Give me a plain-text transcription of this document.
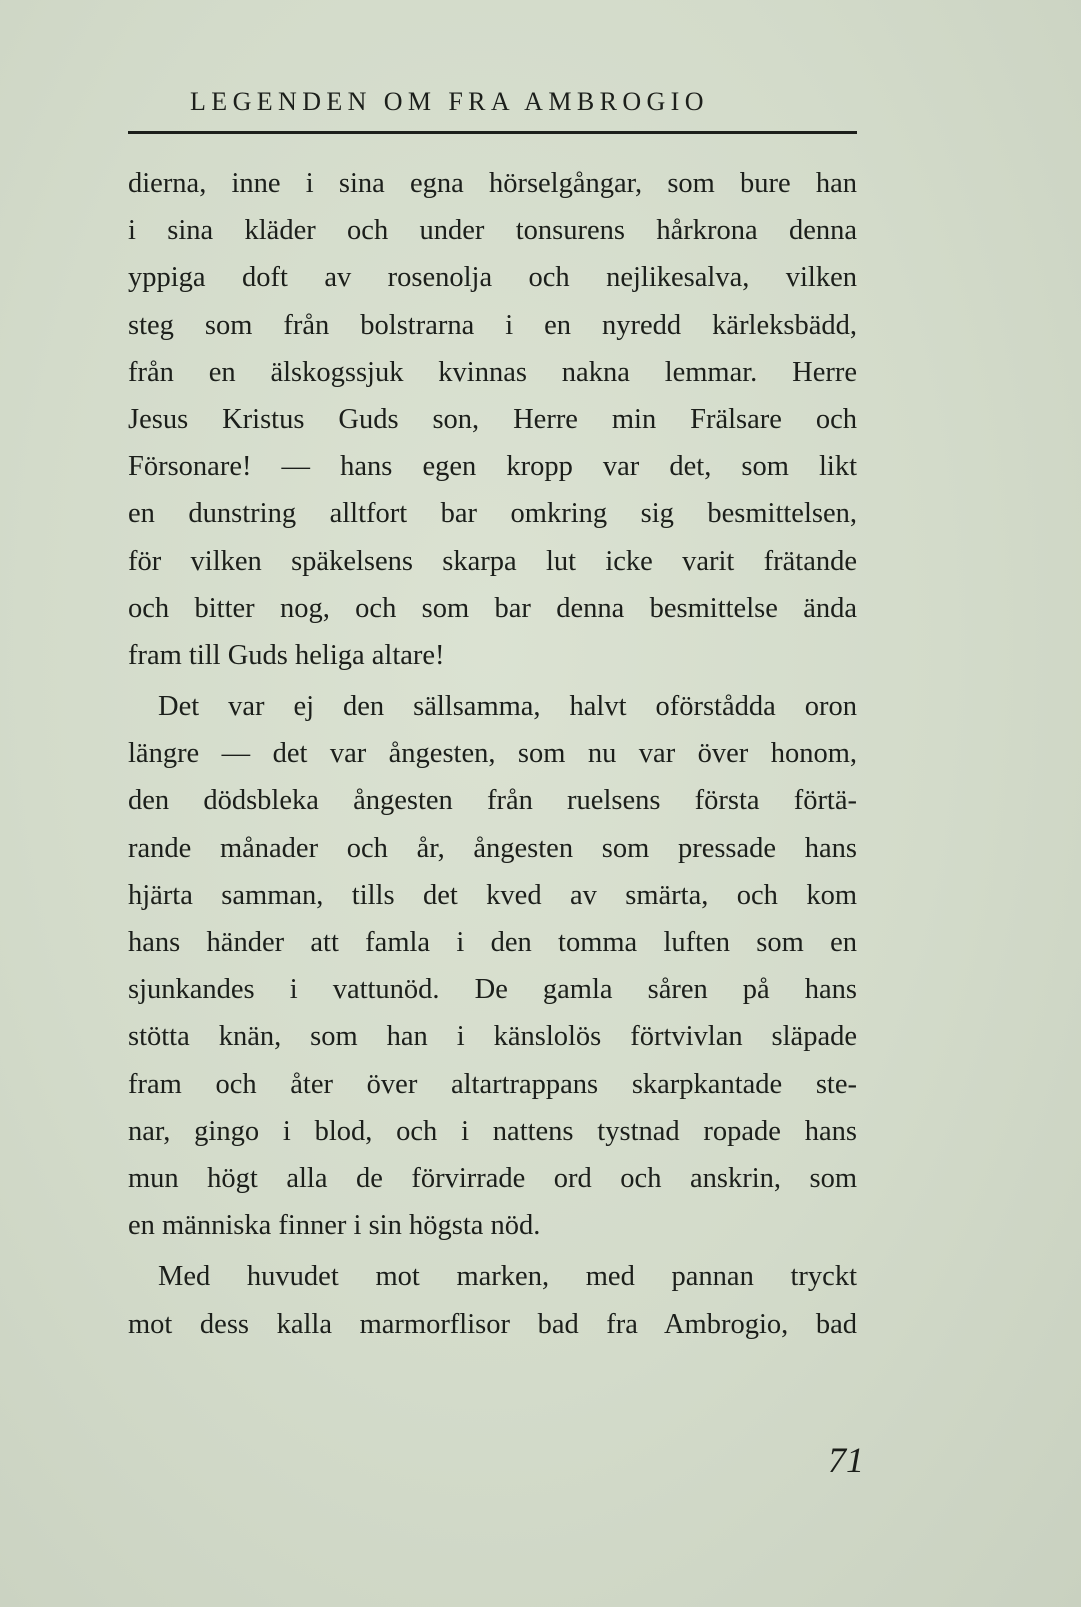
LEGENDEN OM FRA AMBROGIO
dierna, inne i sina egna hörselgångar, som bure han
i sina kläder och under tonsurens hårkrona denna
yppiga doft av rosenolja och nejlikesalva, vilken
steg som från bolstrarna i en nyredd kärleksbädd,
från en älskogssjuk kvinnas nakna lemmar. Herre
Jesus Kristus Guds son, Herre min Frälsare och
Försonare! — hans egen kropp var det, som likt
en dunstring alltfort bar omkring sig besmittelsen,
för vilken späkelsens skarpa lut icke varit frätande
och bitter nog, och som bar denna besmittelse ända
fram till Guds heliga altare!
Det var ej den sällsamma, halvt oförstådda oron
längre — det var ångesten, som nu var över honom,
den dödsbleka ångesten från ruelsens första förtä-
rande månader och år, ångesten som pressade hans
hjärta samman, tills det kved av smärta, och kom
hans händer att famla i den tomma luften som en
sjunkandes i vattunöd. De gamla såren på hans
stötta knän, som han i känslolös förtvivlan släpade
fram och åter över altartrappans skarpkantade ste-
nar, gingo i blod, och i nattens tystnad ropade hans
mun högt alla de förvirrade ord och anskrin, som
en människa finner i sin högsta nöd.
Med huvudet mot marken, med pannan tryckt
mot dess kalla marmorflisor bad fra Ambrogio, bad
71
